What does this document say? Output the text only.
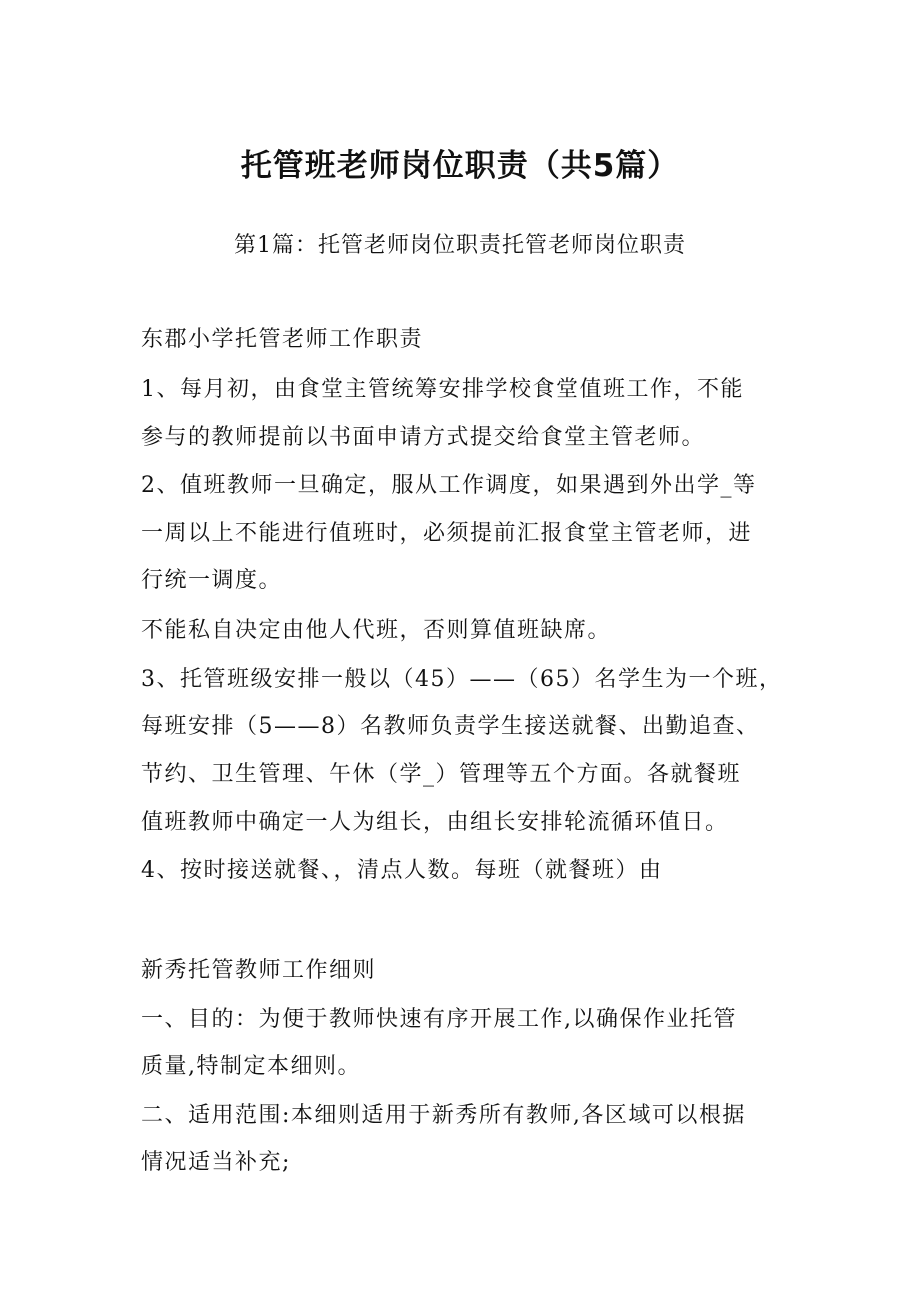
托管班老师岗位职责（共5篇）
第1篇：托管老师岗位职责托管老师岗位职责
东郡小学托管老师工作职责
1、每月初，由食堂主管统筹安排学校食堂值班工作，不能
参与的教师提前以书面申请方式提交给食堂主管老师。
2、值班教师一旦确定，服从工作调度，如果遇到外出学_等
一周以上不能进行值班时，必须提前汇报食堂主管老师，进
行统一调度。
不能私自决定由他人代班，否则算值班缺席。
3、托管班级安排一般以（45）——（65）名学生为一个班，
每班安排（5——8）名教师负责学生接送就餐、出勤追查、
节约、卫生管理、午休（学_）管理等五个方面。各就餐班
值班教师中确定一人为组长，由组长安排轮流循环值日。
4、按时接送就餐、，清点人数。每班（就餐班）由
新秀托管教师工作细则
一、目的：为便于教师快速有序开展工作,以确保作业托管
质量,特制定本细则。
二、适用范围:本细则适用于新秀所有教师,各区域可以根据
情况适当补充;
